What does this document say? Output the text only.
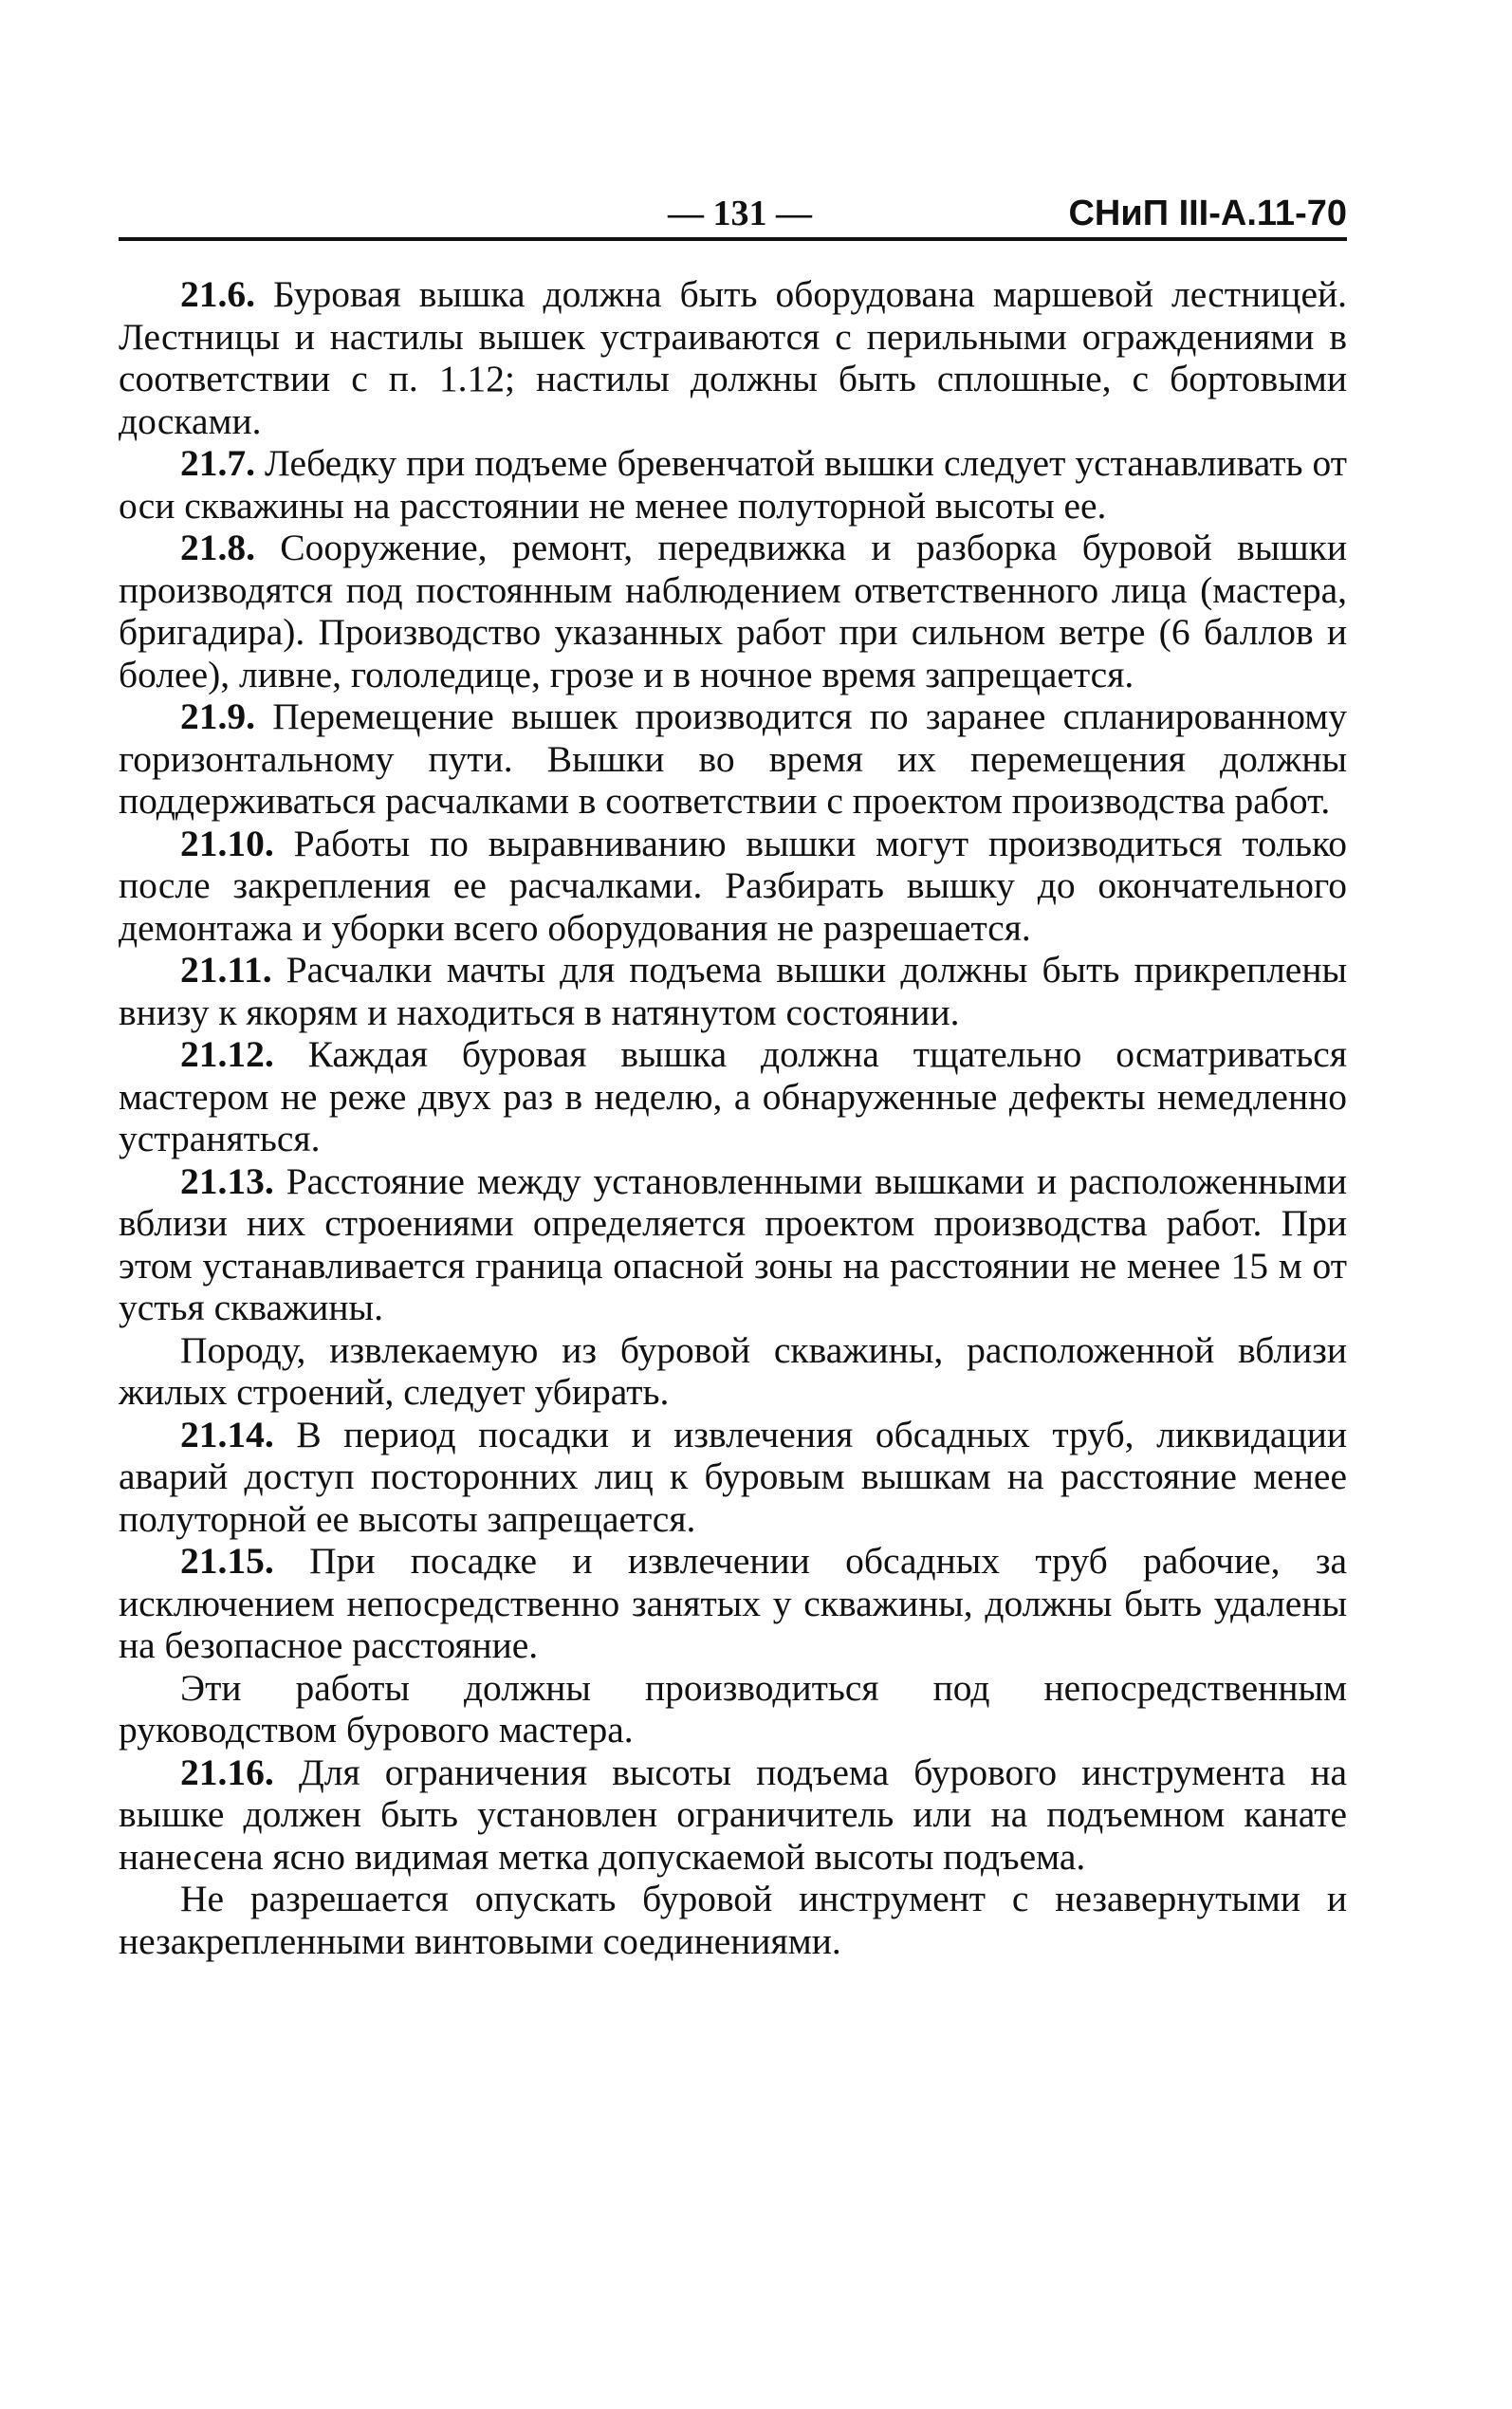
— 131 —	СНиП III-А.11-70

21.6. Буровая вышка должна быть оборудована маршевой лестницей. Лестницы и настилы вышек устраиваются с перильными ограждениями в соответствии с п. 1.12; настилы должны быть сплошные, с бортовыми досками.

21.7. Лебедку при подъеме бревенчатой вышки следует устанавливать от оси скважины на расстоянии не менее полуторной высоты ее.

21.8. Сооружение, ремонт, передвижка и разборка буровой вышки производятся под постоянным наблюдением ответственного лица (мастера, бригадира). Производство указанных работ при сильном ветре (6 баллов и более), ливне, гололедице, грозе и в ночное время запрещается.

21.9. Перемещение вышек производится по заранее спланированному горизонтальному пути. Вышки во время их перемещения должны поддерживаться расчалками в соответствии с проектом производства работ.

21.10. Работы по выравниванию вышки могут производиться только после закрепления ее расчалками. Разбирать вышку до окончательного демонтажа и уборки всего оборудования не разрешается.

21.11. Расчалки мачты для подъема вышки должны быть прикреплены внизу к якорям и находиться в натянутом состоянии.

21.12. Каждая буровая вышка должна тщательно осматриваться мастером не реже двух раз в неделю, а обнаруженные дефекты немедленно устраняться.

21.13. Расстояние между установленными вышками и расположенными вблизи них строениями определяется проектом производства работ. При этом устанавливается граница опасной зоны на расстоянии не менее 15 м от устья скважины.

Породу, извлекаемую из буровой скважины, расположенной вблизи жилых строений, следует убирать.

21.14. В период посадки и извлечения обсадных труб, ликвидации аварий доступ посторонних лиц к буровым вышкам на расстояние менее полуторной ее высоты запрещается.

21.15. При посадке и извлечении обсадных труб рабочие, за исключением непосредственно занятых у скважины, должны быть удалены на безопасное расстояние.

Эти работы должны производиться под непосредственным руководством бурового мастера.

21.16. Для ограничения высоты подъема бурового инструмента на вышке должен быть установлен ограничитель или на подъемном канате нанесена ясно видимая метка допускаемой высоты подъема.

Не разрешается опускать буровой инструмент с незавернутыми и незакрепленными винтовыми соединениями.
